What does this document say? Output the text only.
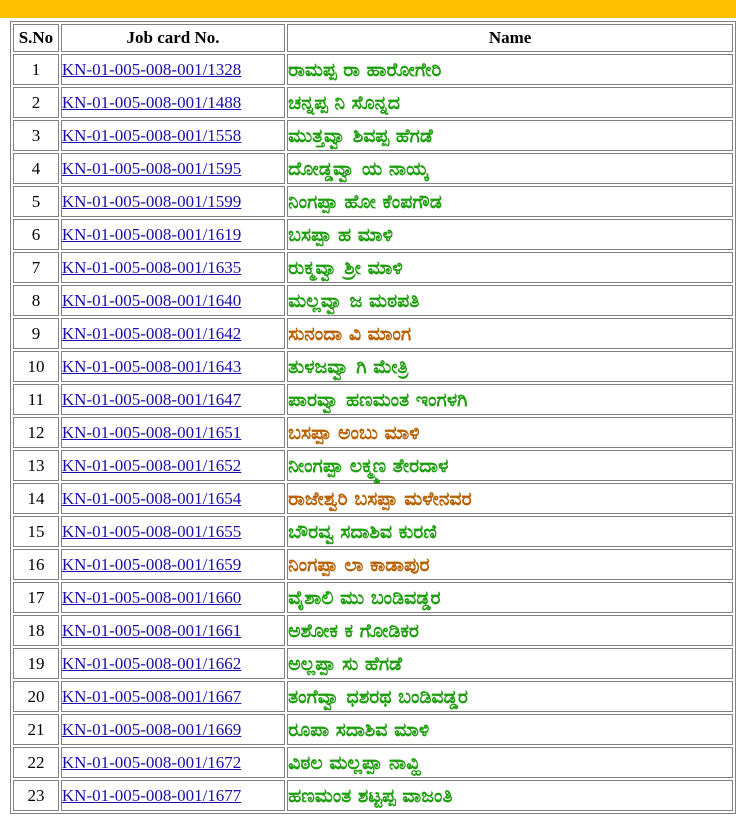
S.No	Job card No.	Name
1	KN-01-005-008-001/1328	ರಾಮಪ್ಪ ರಾ ಹಾರೋಗೇರಿ
2	KN-01-005-008-001/1488	ಚನ್ನಪ್ಪ ನಿ ಸೊನ್ನದ
3	KN-01-005-008-001/1558	ಮುತ್ತವ್ವಾ ಶಿವಪ್ಪ ಹೆಗಡೆ
4	KN-01-005-008-001/1595	ದೋಡ್ಡವ್ವಾ ಯ ನಾಯ್ಕ
5	KN-01-005-008-001/1599	ನಿಂಗಪ್ಪಾ ಹೋ ಕೆಂಪಗೌಡ
6	KN-01-005-008-001/1619	ಬಸಪ್ಪಾ ಹ ಮಾಳಿ
7	KN-01-005-008-001/1635	ರುಕ್ಮವ್ವಾ ಶ್ರೀ ಮಾಳಿ
8	KN-01-005-008-001/1640	ಮಲ್ಲವ್ವಾ ಜ ಮಠಪತಿ
9	KN-01-005-008-001/1642	ಸುನಂದಾ ವಿ ಮಾಂಗ
10	KN-01-005-008-001/1643	ತುಳಜವ್ವಾ ಗಿ ಮೇತ್ರಿ
11	KN-01-005-008-001/1647	ಪಾರವ್ವಾ ಹಣಮಂತ ಇಂಗಳಗಿ
12	KN-01-005-008-001/1651	ಬಸಪ್ಪಾ ಅಂಬು ಮಾಳಿ
13	KN-01-005-008-001/1652	ನೀಂಗಪ್ಪಾ ಲಕ್ಮ್ಮಣ ತೇರದಾಳ
14	KN-01-005-008-001/1654	ರಾಜೇಶ್ವರಿ ಬಸಪ್ಪಾ ಮಳೇನವರ
15	KN-01-005-008-001/1655	ಬೌರವ್ವ ಸದಾಶಿವ ಕುರಣಿ
16	KN-01-005-008-001/1659	ನಿಂಗಪ್ಪಾ ಲಾ ಕಾಡಾಪುರ
17	KN-01-005-008-001/1660	ವೈಶಾಲಿ ಮು ಬಂಡಿವಡ್ಡರ
18	KN-01-005-008-001/1661	ಅಶೋಕ ಕ ಗೋಡಿಕರ
19	KN-01-005-008-001/1662	ಅಲ್ಲಪ್ಪಾ ಸು ಹೆಗಡೆ
20	KN-01-005-008-001/1667	ತಂಗೆವ್ವಾ ಧಶರಥ ಬಂಡಿವಡ್ಡರ
21	KN-01-005-008-001/1669	ರೂಪಾ ಸದಾಶಿವ ಮಾಳಿ
22	KN-01-005-008-001/1672	ವಿಠಲ ಮಲ್ಲಪ್ಪಾ ನಾವ್ಹಿ
23	KN-01-005-008-001/1677	ಹಣಮಂತ ಶಟ್ಟಪ್ಪ ವಾಜಂತಿ
